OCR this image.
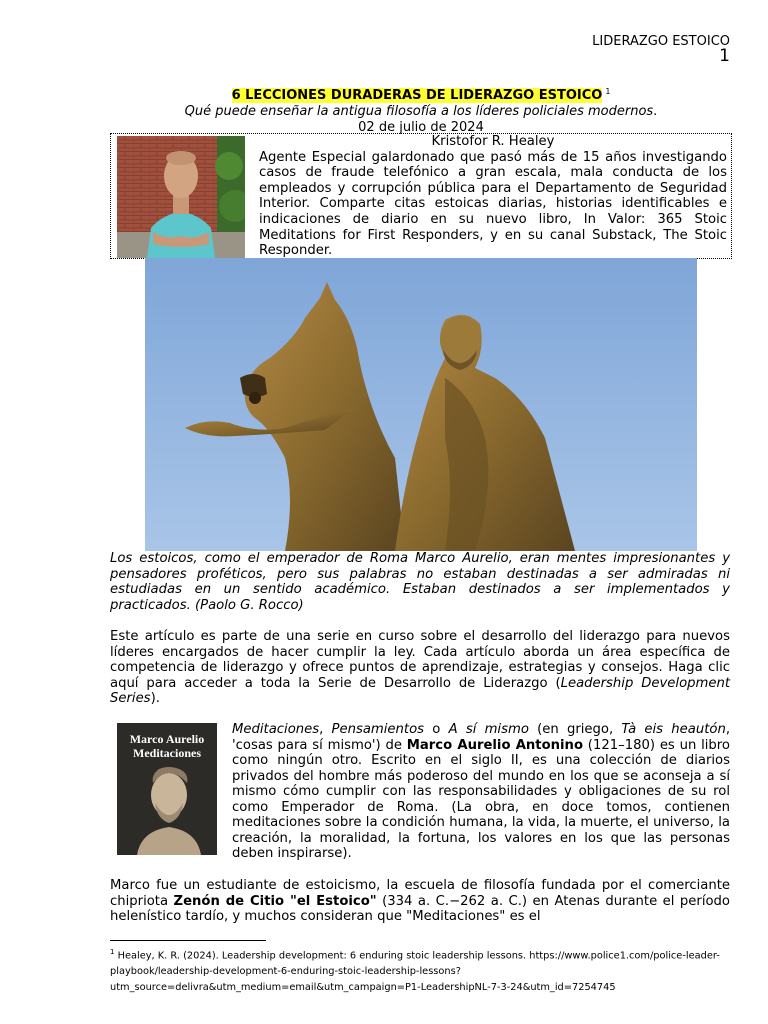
LIDERAZGO ESTOICO
1
6 LECCIONES DURADERAS DE LIDERAZGO ESTOICO $^1$
Qué puede enseñar la antigua filosofía a los líderes policiales modernos.
02 de julio de 2024
Kristofor R. Healey
Agente Especial galardonado que pasó más de 15 años investigando casos de fraude telefónico a gran escala, mala conducta de los empleados y corrupción pública para el Departamento de Seguridad Interior. Comparte citas estoicas diarias, historias identificables e indicaciones de diario en su nuevo libro, In Valor: 365 Stoic Meditations for First Responders, y en su canal Substack, The Stoic Responder.
Los estoicos, como el emperador de Roma Marco Aurelio, eran mentes impresionantes y pensadores proféticos, pero sus palabras no estaban destinadas a ser admiradas ni estudiadas en un sentido académico. Estaban destinados a ser implementados y practicados. (Paolo G. Rocco)
Este artículo es parte de una serie en curso sobre el desarrollo del liderazgo para nuevos líderes encargados de hacer cumplir la ley. Cada artículo aborda un área específica de competencia de liderazgo y ofrece puntos de aprendizaje, estrategias y consejos. Haga clic aquí para acceder a toda la Serie de Desarrollo de Liderazgo (Leadership Development Series).
Marco Aurelio
Meditaciones
Meditaciones, Pensamientos o A sí mismo (en griego, Tà eis heautón, 'cosas para sí mismo') de Marco Aurelio Antonino (121–180) es un libro como ningún otro. Escrito en el siglo II, es una colección de diarios privados del hombre más poderoso del mundo en los que se aconseja a sí mismo cómo cumplir con las responsabilidades y obligaciones de su rol como Emperador de Roma. (La obra, en doce tomos, contienen meditaciones sobre la condición humana, la vida, la muerte, el universo, la creación, la moralidad, la fortuna, los valores en los que las personas deben inspirarse).
Marco fue un estudiante de estoicismo, la escuela de filosofía fundada por el comerciante chipriota Zenón de Citio "el Estoico" (334 a. C.−262 a. C.) en Atenas durante el período helenístico tardío, y muchos consideran que "Meditaciones" es el
$^1$ Healey, K. R. (2024). Leadership development: 6 enduring stoic leadership lessons. https://www.police1.com/police-leader-playbook/leadership-development-6-enduring-stoic-leadership-lessons?utm_source=delivra&utm_medium=email&utm_campaign=P1-LeadershipNL-7-3-24&utm_id=7254745
